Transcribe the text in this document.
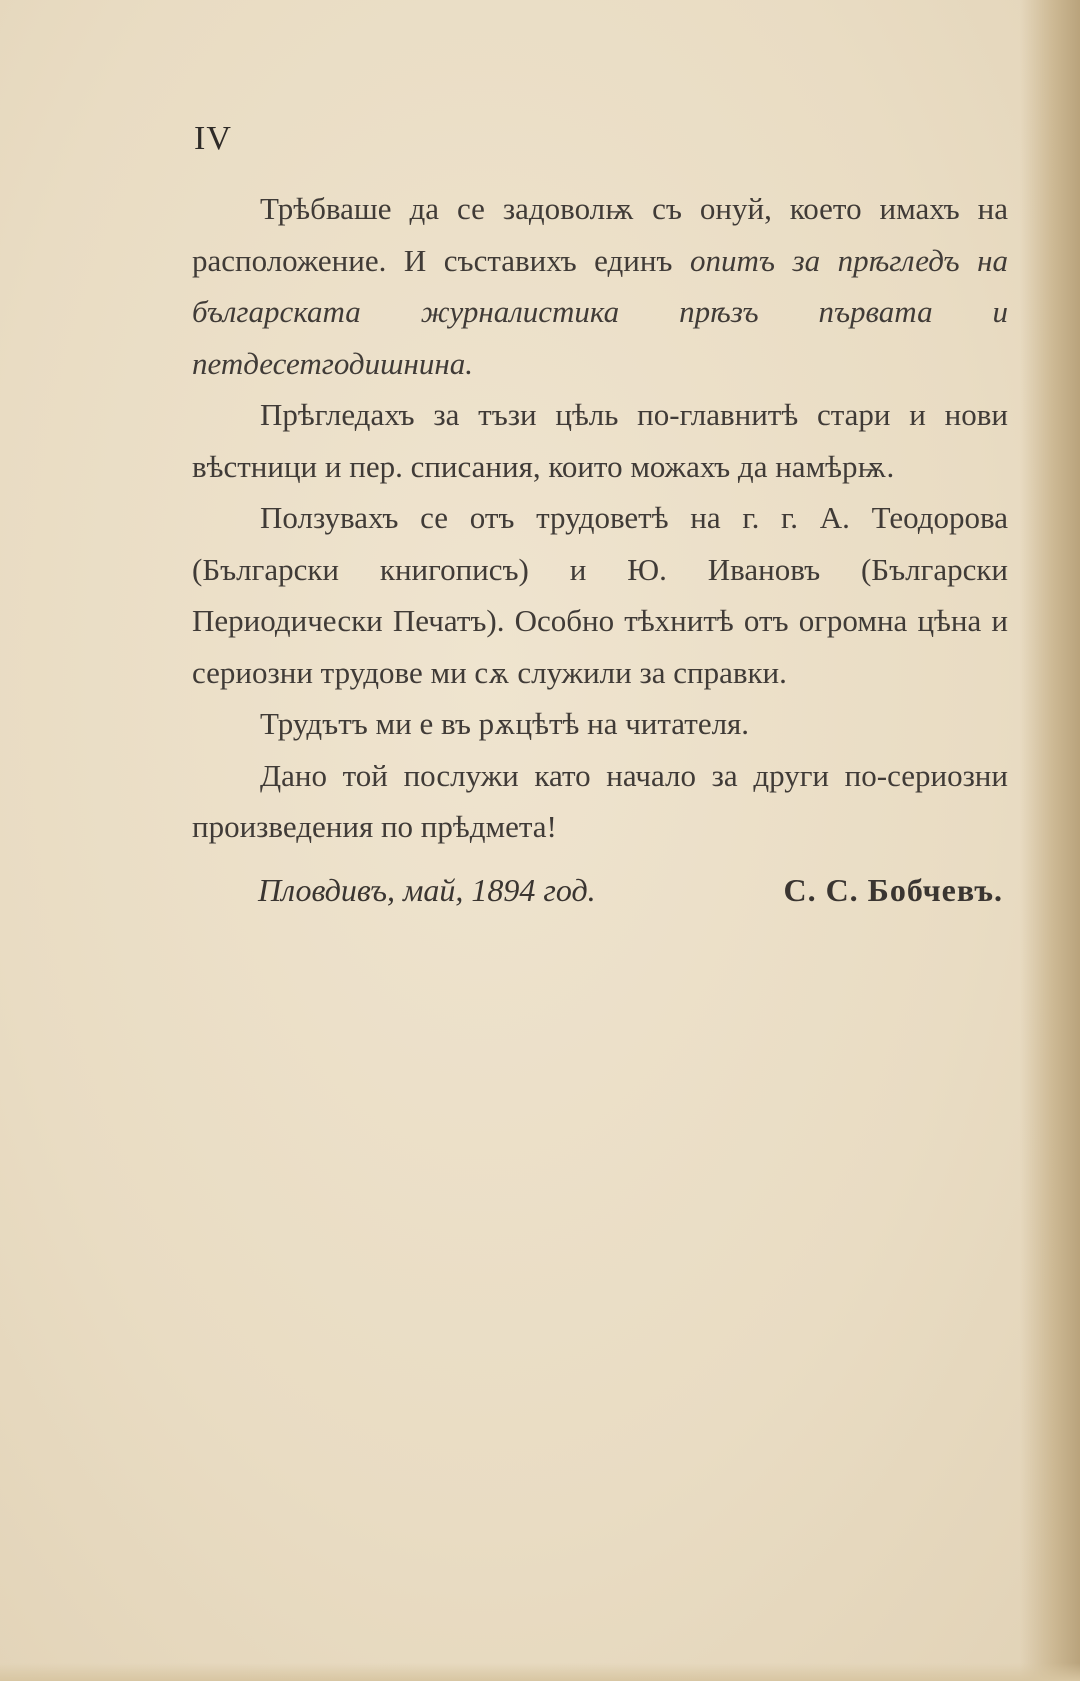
IV

Трѣбваше да се задоволѭ съ онуй, което имахъ на расположение. И съставихъ единъ опитъ за прѣгледъ на българската журналистика прѣзъ първата и петдесетгодишнина.

Прѣгледахъ за тъзи цѣль по-главнитѣ стари и нови вѣстници и пер. списания, които можахъ да намѣрѭ.

Ползувахъ се отъ трудоветѣ на г. г. А. Теодорова (Български книгописъ) и Ю. Ивановъ (Български Периодически Печатъ). Особно тѣхнитѣ отъ огромна цѣна и сериозни трудове ми сѫ служили за справки.

Трудътъ ми е въ рѫцѣтѣ на читателя.

Дано той послужи като начало за други по-сериозни произведения по прѣдмета!

Пловдивъ, май, 1894 год.	С. С. Бобчевъ.
